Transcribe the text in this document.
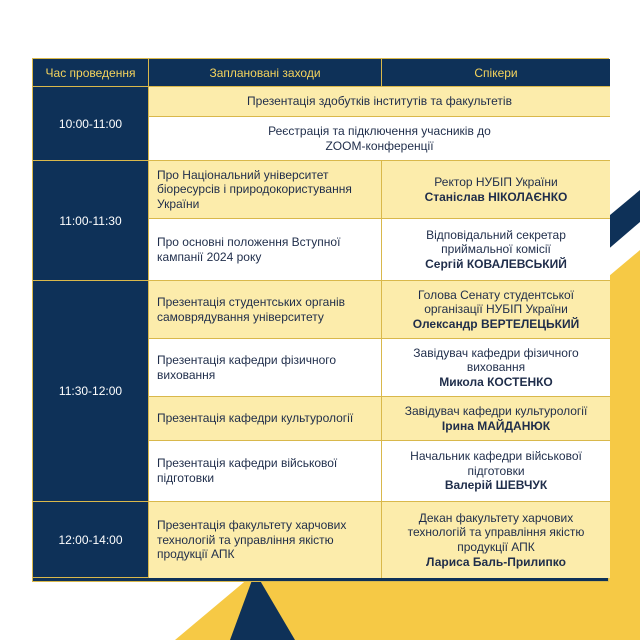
Час проведення	Заплановані заходи	Спікери
10:00-11:00
11:00-11:30
11:30-12:00
12:00-14:00
Презентація здобутків інститутів та факультетів
Реєстрація та підключення учасників до
ZOOM-конференції
Про Національний університет біоресурсів і природокористування України
Ректор НУБІП України
Станіслав НІКОЛАЄНКО
Про основні положення Вступної кампанії 2024 року
Відповідальний секретар приймальної комісії
Сергій КОВАЛЕВСЬКИЙ
Презентація студентських органів самоврядування університету
Голова Сенату студентської організації НУБІП України
Олександр ВЕРТЕЛЕЦЬКИЙ
Презентація кафедри фізичного виховання
Завідувач кафедри фізичного виховання
Микола КОСТЕНКО
Презентація кафедри культурології
Завідувач кафедри культурології
Ірина МАЙДАНЮК
Презентація кафедри військової підготовки
Начальник кафедри військової підготовки
Валерій ШЕВЧУК
Презентація факультету харчових технологій та управління якістю продукції АПК
Декан факультету харчових технологій та управління якістю продукції АПК
Лариса Баль-Прилипко
